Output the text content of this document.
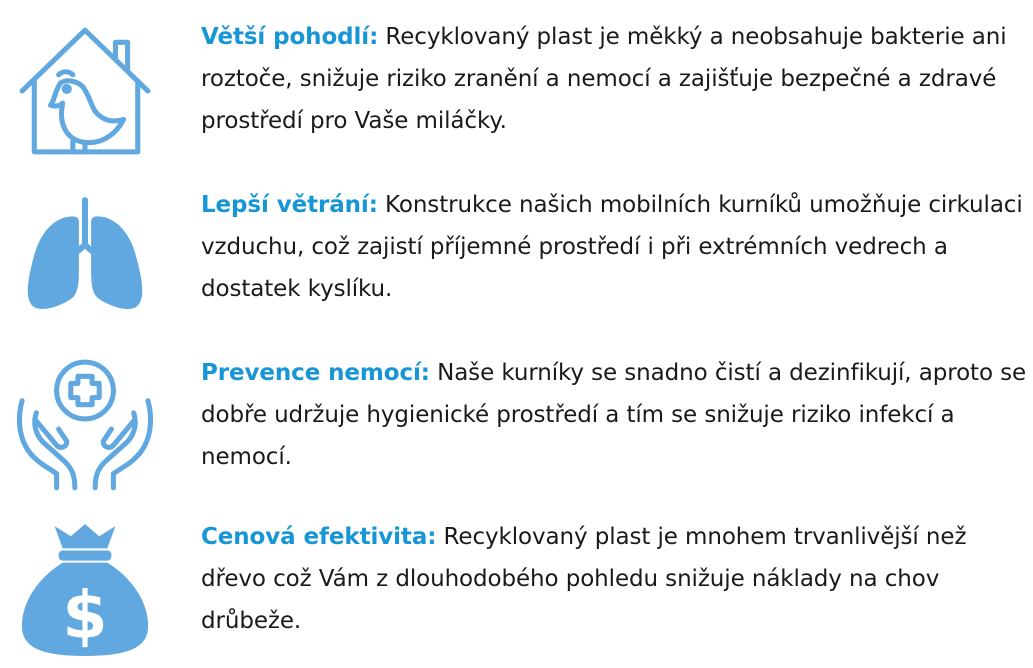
Větší pohodlí: Recyklovaný plast je měkký a neobsahuje bakterie ani roztoče, snižuje riziko zranění a nemocí a zajišťuje bezpečné a zdravé prostředí pro Vaše miláčky.
Lepší větrání: Konstrukce našich mobilních kurníků umožňuje cirkulaci vzduchu, což zajistí příjemné prostředí i při extrémních vedrech a dostatek kyslíku.
Prevence nemocí: Naše kurníky se snadno čistí a dezinfikují, aproto se dobře udržuje hygienické prostředí a tím se snižuje riziko infekcí a nemocí.
$
Cenová efektivita: Recyklovaný plast je mnohem trvanlivější než dřevo což Vám z dlouhodobého pohledu snižuje náklady na chov drůbeže.
